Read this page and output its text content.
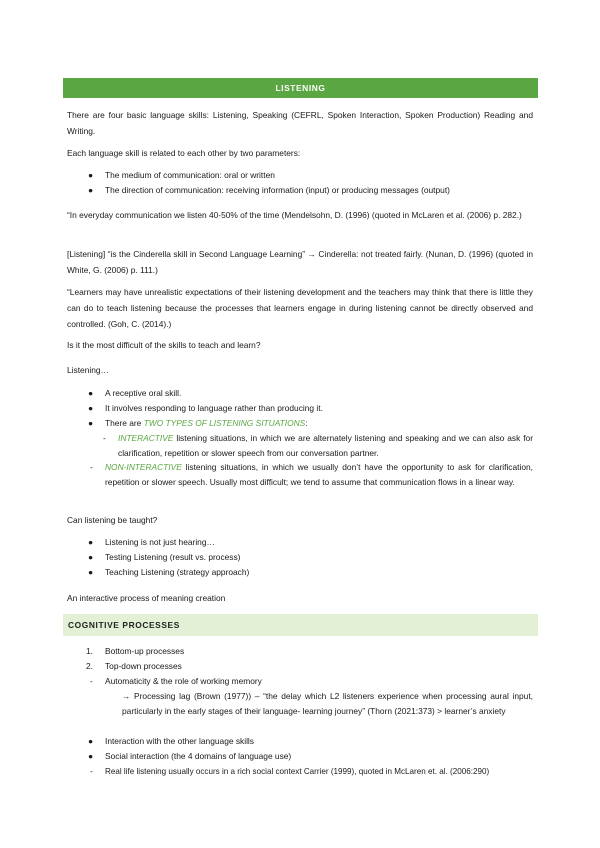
LISTENING
There are four basic language skills: Listening, Speaking (CEFRL, Spoken Interaction, Spoken Production) Reading and Writing.
Each language skill is related to each other by two parameters:
●	The medium of communication: oral or written
●	The direction of communication: receiving information (input) or producing messages (output)
“In everyday communication we listen 40-50% of the time (Mendelsohn, D. (1996) (quoted in McLaren et al. (2006) p. 282.)
[Listening] “is the Cinderella skill in Second Language Learning” → Cinderella: not treated fairly. (Nunan, D. (1996) (quoted in White, G. (2006) p. 111.)
“Learners may have unrealistic expectations of their listening development and the teachers may think that there is little they can do to teach listening because the processes that learners engage in during listening cannot be directly observed and controlled. (Goh, C. (2014).)
Is it the most difficult of the skills to teach and learn?
Listening…
●	A receptive oral skill.
●	It involves responding to language rather than producing it.
●	There are TWO TYPES OF LISTENING SITUATIONS:
-	INTERACTIVE listening situations, in which we are alternately listening and speaking and we can also ask for clarification, repetition or slower speech from our conversation partner.
-	NON-INTERACTIVE listening situations, in which we usually don’t have the opportunity to ask for clarification, repetition or slower speech. Usually most difficult; we tend to assume that communication flows in a linear way.
Can listening be taught?
●	Listening is not just hearing…
●	Testing Listening (result vs. process)
●	Teaching Listening (strategy approach)
An interactive process of meaning creation
COGNITIVE PROCESSES
1.	Bottom-up processes
2.	Top-down processes
-	Automaticity & the role of working memory
→ Processing lag (Brown (1977)) – “the delay which L2 listeners experience when processing aural input, particularly in the early stages of their language- learning journey” (Thorn (2021:373) > learner’s anxiety
●	Interaction with the other language skills
●	Social interaction (the 4 domains of language use)
-	Real life listening usually occurs in a rich social context Carrier (1999), quoted in McLaren et. al. (2006:290)
